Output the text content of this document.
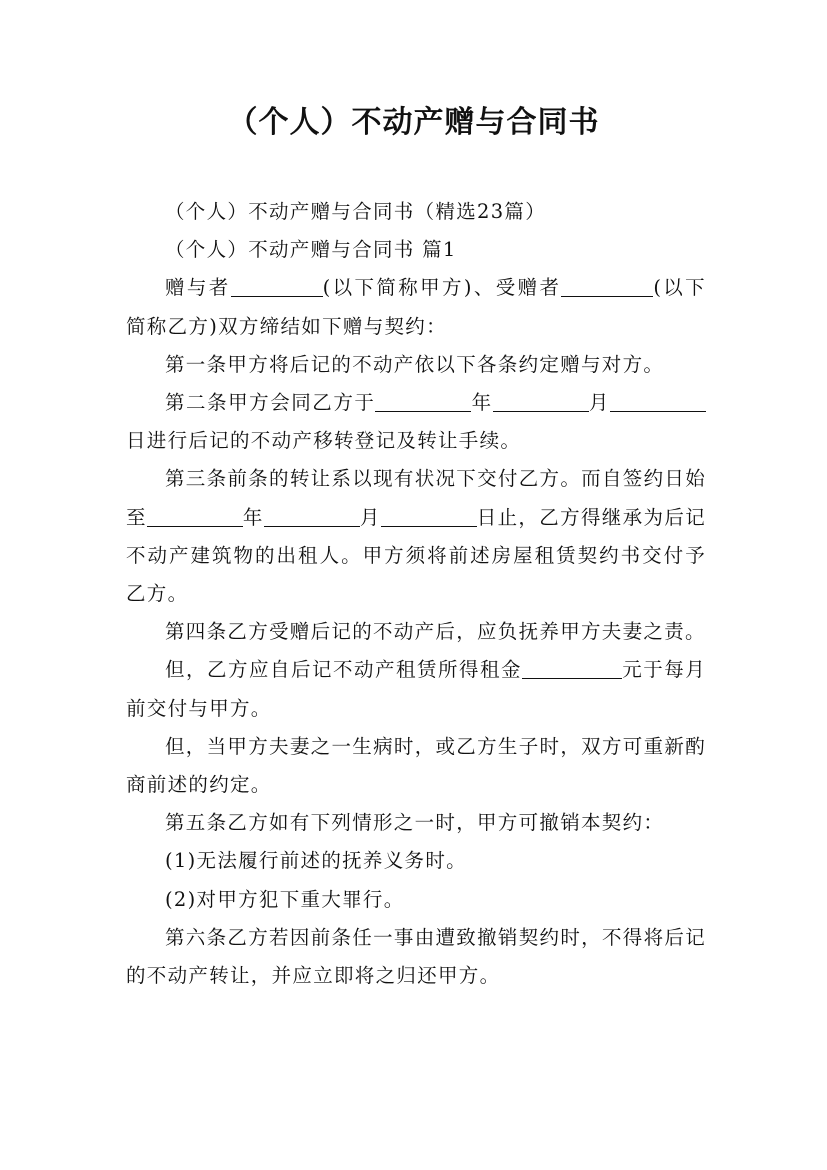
（个人）不动产赠与合同书

（个人）不动产赠与合同书（精选23篇）

（个人）不动产赠与合同书 篇1

赠与者	(以下简称甲方)、受赠者	(以下简称乙方)双方缔结如下赠与契约：

第一条甲方将后记的不动产依以下各条约定赠与对方。

第二条甲方会同乙方于	年	月日进行后记的不动产移转登记及转让手续。

第三条前条的转让系以现有状况下交付乙方。而自签约日始至	年	月	日止，乙方得继承为后记不动产建筑物的出租人。甲方须将前述房屋租赁契约书交付予乙方。

第四条乙方受赠后记的不动产后，应负抚养甲方夫妻之责。

但，乙方应自后记不动产租赁所得租金	元于每月前交付与甲方。

但，当甲方夫妻之一生病时，或乙方生子时，双方可重新酌商前述的约定。

第五条乙方如有下列情形之一时，甲方可撤销本契约：

(1)无法履行前述的抚养义务时。

(2)对甲方犯下重大罪行。

第六条乙方若因前条任一事由遭致撤销契约时，不得将后记的不动产转让，并应立即将之归还甲方。
